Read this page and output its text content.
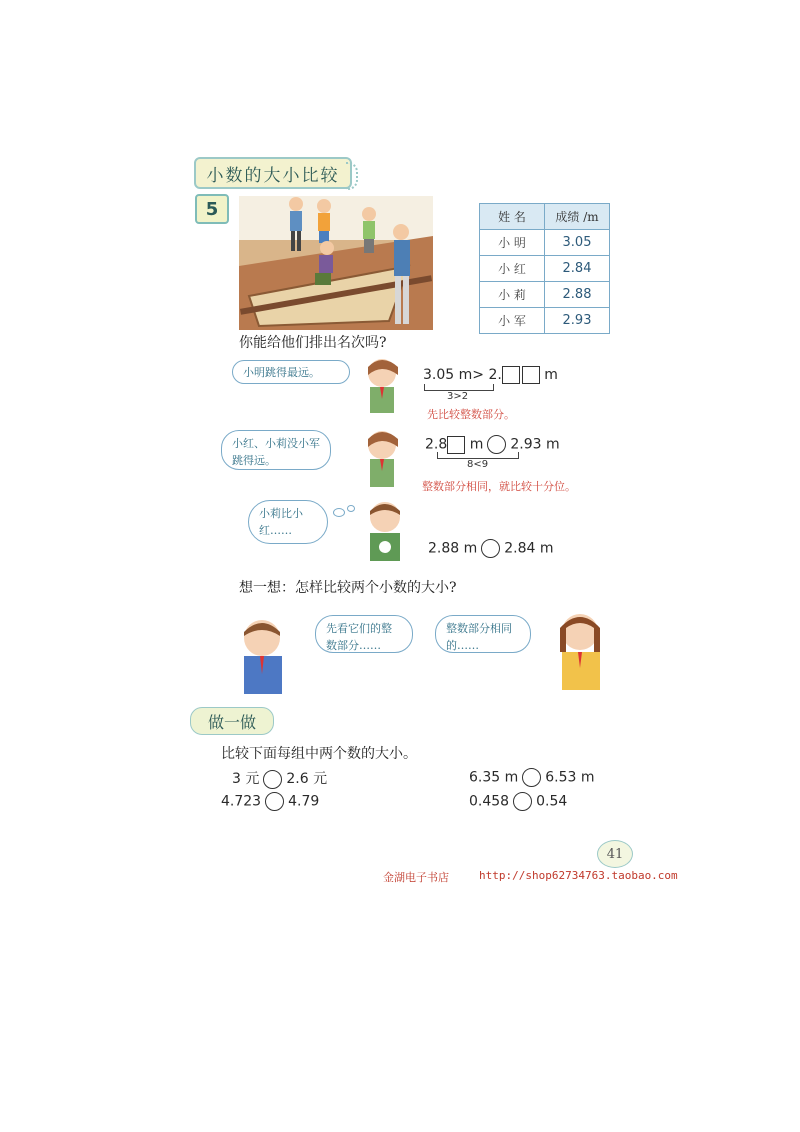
小数的大小比较
5	姓 名	成绩 /m
小 明	3.05
小 红	2.84
小 莉	2.88
小 军	2.93
你能给他们排出名次吗?
小明跳得最远。	3.05 m> 2.	m
3>2
先比较整数部分。
小红、小莉没小军跳得远。
2.8 m 2.93 m
8<9
整数部分相同，就比较十分位。
小莉比小红……
2.88 m 2.84 m
想一想：怎样比较两个小数的大小?
先看它们的整数部分……
整数部分相同的……
做一做
比较下面每组中两个数的大小。
3 元 2.6 元	6.35 m 6.53 m
4.723 4.79	0.458 0.54
41
金湖电子书店	http://shop62734763.taobao.com
